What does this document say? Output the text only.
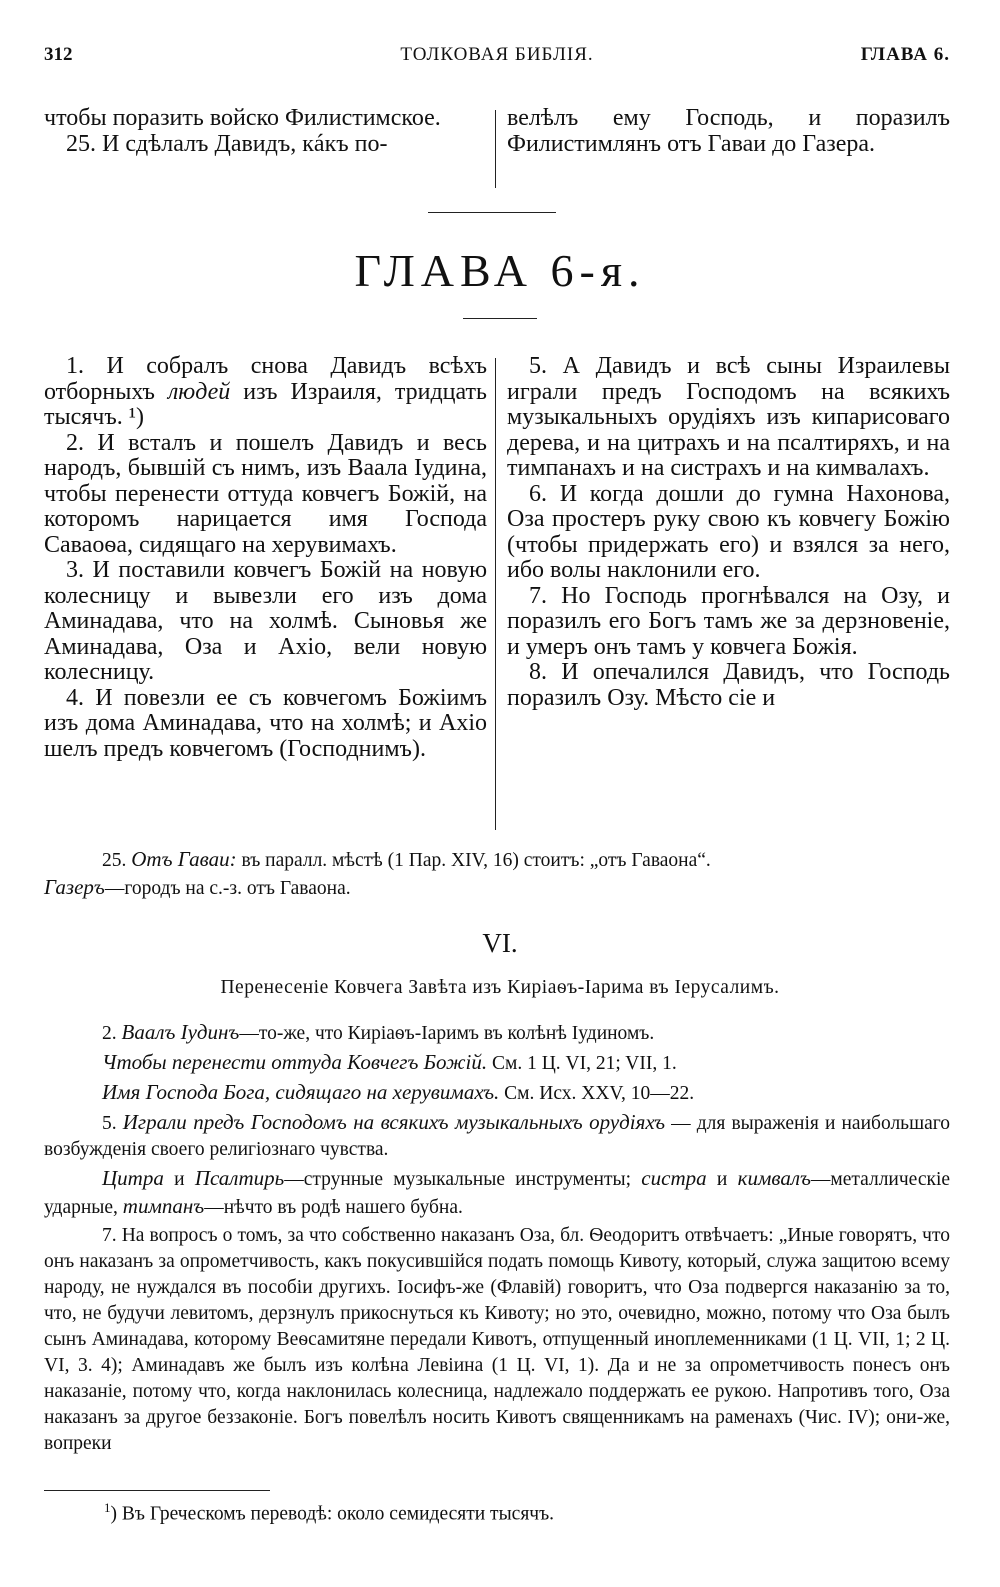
312	ТОЛКОВАЯ БИБЛІЯ.	ГЛАВА 6.

чтобы поразить войско Филистимское.

25. И сдѣлалъ Давидъ, кáкъ по-

велѣлъ ему Господь, и поразилъ Филистимлянъ отъ Гаваи до Газера.

ГЛАВА 6-я.

1. И собралъ снова Давидъ всѣхъ отборныхъ людей изъ Израиля, тридцать тысячъ. ¹)

2. И всталъ и пошелъ Давидъ и весь народъ, бывшій съ нимъ, изъ Ваала Іудина, чтобы перенести оттуда ковчегъ Божій, на которомъ нарицается имя Господа Саваоѳа, сидящаго на херувимахъ.

3. И поставили ковчегъ Божій на новую колесницу и вывезли его изъ дома Аминадава, что на холмѣ. Сыновья же Аминадава, Оза и Ахіо, вели новую колесницу.

4. И повезли ее съ ковчегомъ Божіимъ изъ дома Аминадава, что на холмѣ; и Ахіо шелъ предъ ковчегомъ (Господнимъ).

5. А Давидъ и всѣ сыны Израилевы играли предъ Господомъ на всякихъ музыкальныхъ орудіяхъ изъ кипарисоваго дерева, и на цитрахъ и на псалтиряхъ, и на тимпанахъ и на систрахъ и на кимвалахъ.

6. И когда дошли до гумна Нахонова, Оза простеръ руку свою къ ковчегу Божію (чтобы придержать его) и взялся за него, ибо волы наклонили его.

7. Но Господь прогнѣвался на Озу, и поразилъ его Богъ тамъ же за дерзновеніе, и умеръ онъ тамъ у ковчега Божія.

8. И опечалился Давидъ, что Господь поразилъ Озу. Мѣсто сіе и

25. Отъ Гаваи: въ паралл. мѣстѣ (1 Пар. XIV, 16) стоитъ: „отъ Гаваона“.
Газеръ—городъ на с.-з. отъ Гаваона.

VI.
Перенесеніе Ковчега Завѣта изъ Киріаѳъ-Іарима въ Іерусалимъ.

2. Ваалъ Іудинъ—то-же, что Киріаѳъ-Іаримъ въ колѣнѣ Іудиномъ.

Чтобы перенести оттуда Ковчегъ Божій. См. 1 Ц. VI, 21; VII, 1.

Имя Господа Бога, сидящаго на херувимахъ. См. Исх. XXV, 10—22.

5. Играли предъ Господомъ на всякихъ музыкальныхъ орудіяхъ — для выраженія и наибольшаго возбужденія своего религіознаго чувства.

Цитра и Псалтирь—струнные музыкальные инструменты; систра и кимвалъ—металлическіе ударные, тимпанъ—нѣчто въ родѣ нашего бубна.

7. На вопросъ о томъ, за что собственно наказанъ Оза, бл. Ѳеодоритъ отвѣчаетъ: „Иные говорятъ, что онъ наказанъ за опрометчивость, какъ покусившійся подать помощь Кивоту, который, служа защитою всему народу, не нуждался въ пособіи другихъ. Іосифъ-же (Флавій) говоритъ, что Оза подвергся наказанію за то, что, не будучи левитомъ, дерзнулъ прикоснуться къ Кивоту; но это, очевидно, можно, потому что Оза былъ сынъ Аминадава, которому Веѳсамитяне передали Кивотъ, отпущенный иноплеменниками (1 Ц. VII, 1; 2 Ц. VI, 3. 4); Аминадавъ же былъ изъ колѣна Левіина (1 Ц. VI, 1). Да и не за опрометчивость понесъ онъ наказаніе, потому что, когда наклонилась колесница, надлежало поддержать ее рукою. Напротивъ того, Оза наказанъ за другое беззаконіе. Богъ повелѣлъ носить Кивотъ священникамъ на раменахъ (Чис. IV); они-же, вопреки

$^1$) Въ Греческомъ переводѣ: около семидесяти тысячъ.
